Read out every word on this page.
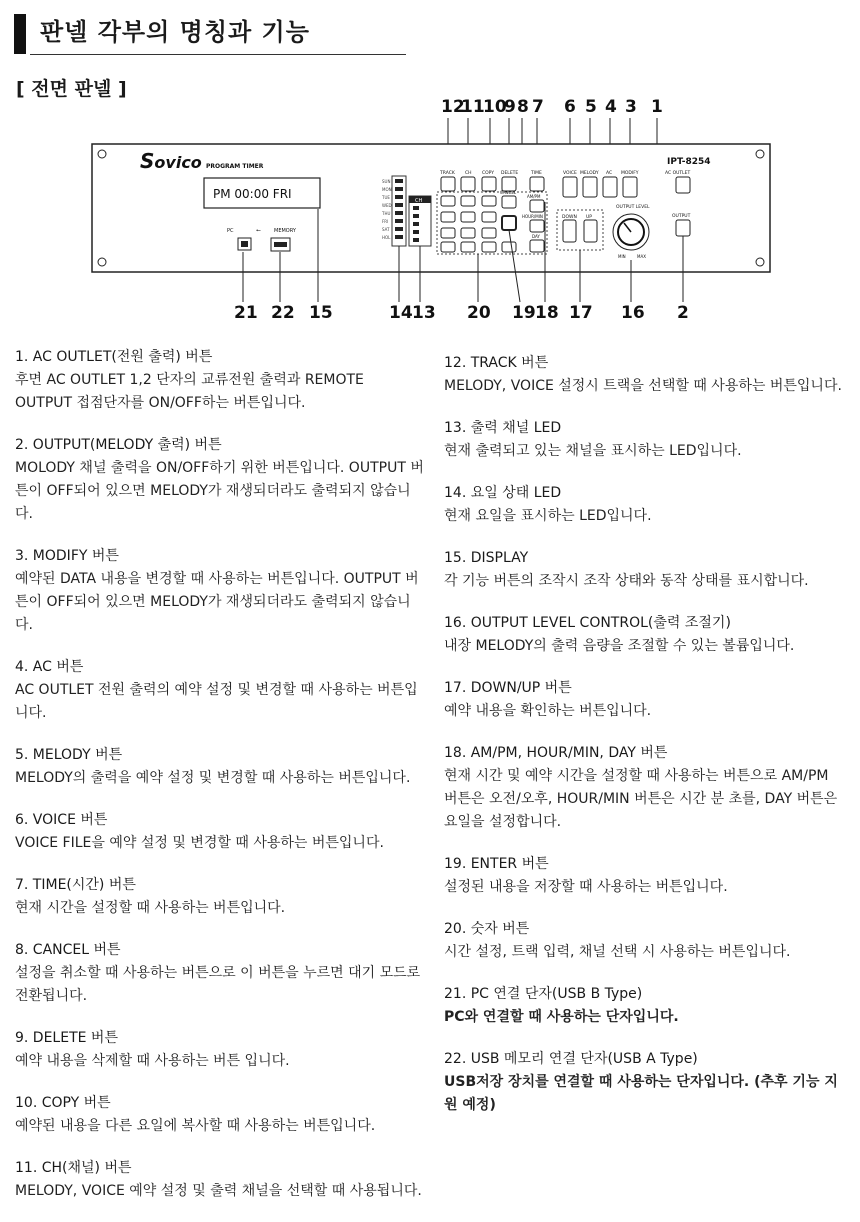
판넬 각부의 명칭과 기능
[ 전면 판넬 ]
12
11
10
9 8 7 6 5 4 3 1
Sovico PROGRAM TIMER
PM 00:00 FRI
PC	⭠	MEMORY
SUN
MON
TUE
WED
THU
FRI
SAT
HOL
CH
TRACK CH COPY DELETE	TIME	VOICE MELODY AC MODIFY	AC OUTLET
OUTPUT
CANCEL
AM/PM
HOUR/MIN
DAY
DOWN UP
OUTPUT LEVEL
MIN	MAX
IPT-8254
21 22 15	14 13 20 19 18 17 16 2
1. AC OUTLET(전원 출력) 버튼
후면 AC OUTLET 1,2 단자의 교류전원 출력과 REMOTE OUTPUT 접점단자를 ON/OFF하는 버튼입니다.
2. OUTPUT(MELODY 출력) 버튼
MOLODY 채널 출력을 ON/OFF하기 위한 버튼입니다. OUTPUT 버튼이 OFF되어 있으면 MELODY가 재생되더라도 출력되지 않습니다.
3. MODIFY 버튼
예약된 DATA 내용을 변경할 때 사용하는 버튼입니다. OUTPUT 버튼이 OFF되어 있으면 MELODY가 재생되더라도 출력되지 않습니다.
4. AC 버튼
AC OUTLET 전원 출력의 예약 설정 및 변경할 때 사용하는 버튼입니다.
5. MELODY 버튼
MELODY의 출력을 예약 설정 및 변경할 때 사용하는 버튼입니다.
6. VOICE 버튼
VOICE FILE을 예약 설정 및 변경할 때 사용하는 버튼입니다.
7. TIME(시간) 버튼
현재 시간을 설정할 때 사용하는 버튼입니다.
8. CANCEL 버튼
설정을 취소할 때 사용하는 버튼으로 이 버튼을 누르면 대기 모드로 전환됩니다.
9. DELETE 버튼
예약 내용을 삭제할 때 사용하는 버튼 입니다.
10. COPY 버튼
예약된 내용을 다른 요일에 복사할 때 사용하는 버튼입니다.
11. CH(채널) 버튼
MELODY, VOICE 예약 설정 및 출력 채널을 선택할 때 사용됩니다.
12. TRACK 버튼
MELODY, VOICE 설정시 트랙을 선택할 때 사용하는 버튼입니다.
13. 출력 채널 LED
현재 출력되고 있는 채널을 표시하는 LED입니다.
14. 요일 상태 LED
현재 요일을 표시하는 LED입니다.
15. DISPLAY
각 기능 버튼의 조작시 조작 상태와 동작 상태를 표시합니다.
16. OUTPUT LEVEL CONTROL(출력 조절기)
내장 MELODY의 출력 음량을 조절할 수 있는 볼륨입니다.
17. DOWN/UP 버튼
예약 내용을 확인하는 버튼입니다.
18. AM/PM, HOUR/MIN, DAY 버튼
현재 시간 및 예약 시간을 설정할 때 사용하는 버튼으로 AM/PM 버튼은 오전/오후, HOUR/MIN 버튼은 시간 분 초를, DAY 버튼은 요일을 설정합니다.
19. ENTER 버튼
설정된 내용을 저장할 때 사용하는 버튼입니다.
20. 숫자 버튼
시간 설정, 트랙 입력, 채널 선택 시 사용하는 버튼입니다.
21. PC 연결 단자(USB B Type)
PC와 연결할 때 사용하는 단자입니다.
22. USB 메모리 연결 단자(USB A Type)
USB저장 장치를 연결할 때 사용하는 단자입니다. (추후 기능 지원 예정)
